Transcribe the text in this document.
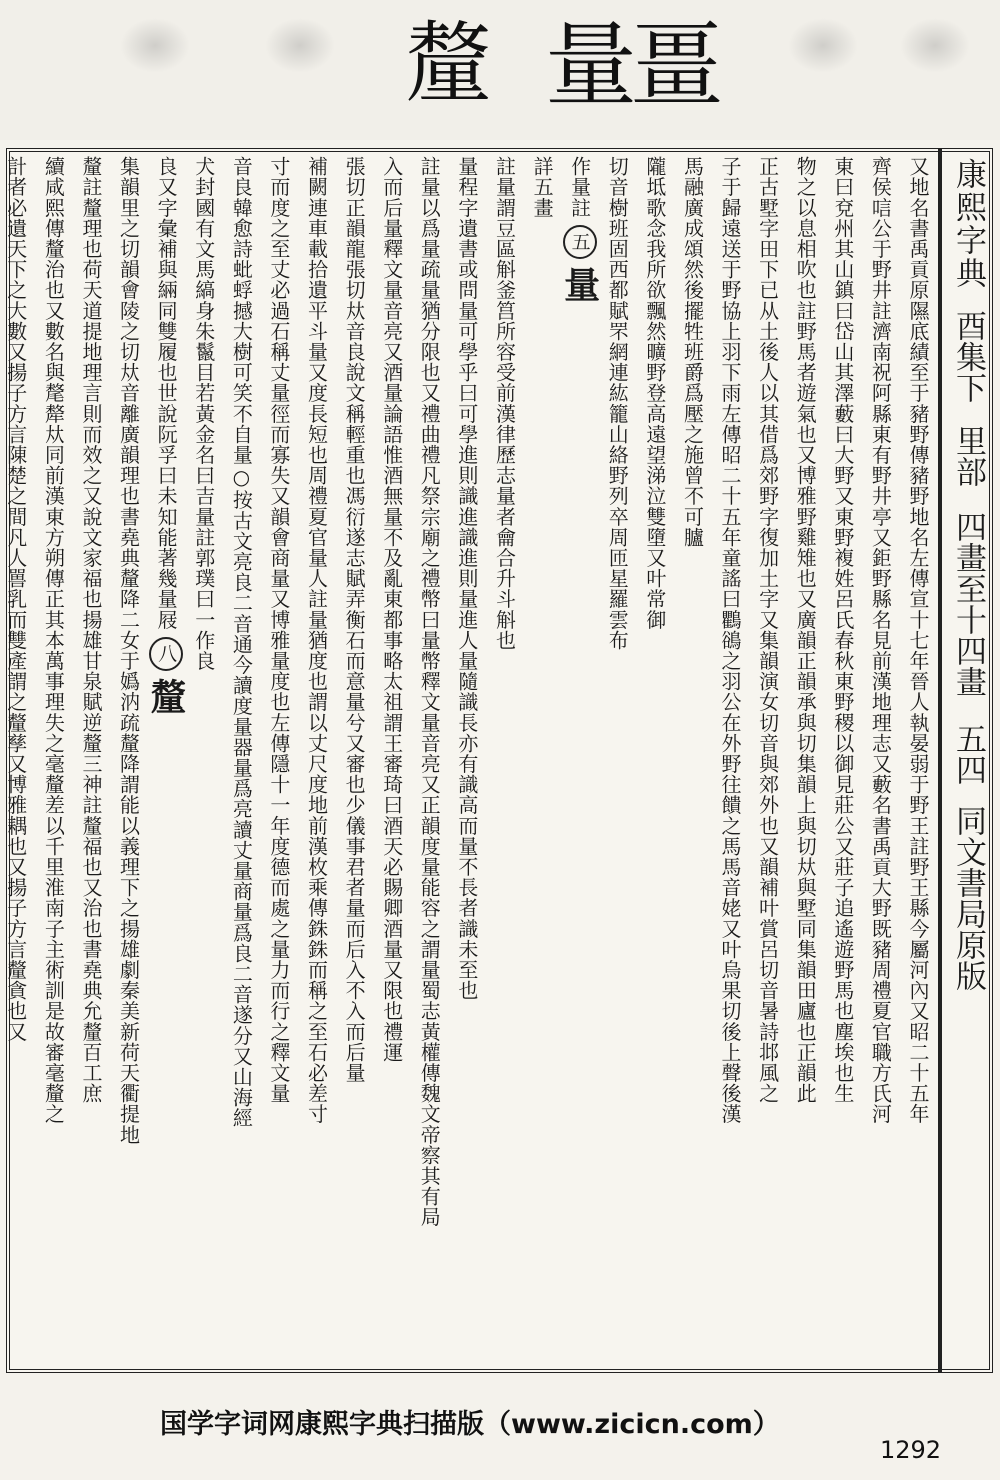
釐 量畺
康熙字典
酉集下
里部
四畫至十四畫
五四
同文書局原版
又地名書禹貢原隰底績至于豬野傳豬野地名左傳宣十七年晉人執晏弱于野王註野王縣今屬河內又昭二十五年
齊侯唁公于野井註濟南祝阿縣東有野井亭又鉅野縣名見前漢地理志又藪名書禹貢大野既豬周禮夏官職方氏河
東曰兗州其山鎮曰岱山其澤藪曰大野又東野複姓呂氏春秋東野稷以御見莊公又莊子追遙遊野馬也塵埃也生
物之以息相吹也註野馬者遊氣也又博雅野雞雉也又廣韻正韻承與切集韻上與切夶與墅同集韻田廬也正韻此
正古墅字田下已从土後人以其借爲郊野字復加土字又集韻演女切音與郊外也又韻補叶賞呂切音暑詩邶風之
子于歸遠送于野協上羽下雨左傳昭二十五年童謠曰鸜鵒之羽公在外野往饋之馬馬音姥又叶烏果切後上聲後漢
馬融廣成頌然後擺牲班爵爲壓之施曾不可臚
隴坻歌念我所欲飄然曠野登高遠望涕泣雙墮又叶常御
切音樹班固西都賦罘網連紘籠山絡野列卒周匝星羅雲布
作量註 五 量
詳五畫
註量謂豆區斛釜筥所容受前漢律歷志量者龠合升斗斛也
量程字遺書或問量可學乎曰可學進則識進識進則量進人量隨識長亦有識高而量不長者識未至也
註量以爲量疏量猶分限也又禮曲禮凡祭宗廟之禮幣曰量幣釋文量音亮又正韻度量能容之謂量蜀志黃權傳魏文帝察其有局
入而后量釋文量音亮又酒量論語惟酒無量不及亂東都事略太祖謂王審琦曰酒天必賜卿酒量又限也禮運
張切正韻龍張切夶音良說文稱輕重也馮衍遂志賦弄衡石而意量兮又審也少儀事君者量而后入不入而后量
補闕連車載拾遺平斗量又度長短也周禮夏官量人註量猶度也謂以丈尺度地前漢枚乘傳銖銖而稱之至石必差寸
寸而度之至丈必過石稱丈量徑而寡失又韻會商量又博雅量度也左傳隱十一年度德而處之量力而行之釋文量
音良韓愈詩蚍蜉撼大樹可笑不自量○按古文亮良二音通今讀度量器量爲亮讀丈量商量爲良二音遂分又山海經
犬封國有文馬縞身朱鬣目若黃金名曰吉量註郭璞曰一作良
良又字彙補與緉同雙履也世說阮孚曰未知能著幾量屐 八 釐
集韻里之切韻會陵之切夶音離廣韻理也書堯典釐降二女于嬀汭疏釐降謂能以義理下之揚雄劇秦美新荷天衢提地
釐註釐理也荷天道提地理言則而效之又說文家福也揚雄甘泉賦逆釐三神註釐福也又治也書堯典允釐百工庶
續咸熙傳釐治也又數名與氂犛夶同前漢東方朔傳正其本萬事理失之毫釐差以千里淮南子主術訓是故審毫釐之
計者必遺天下之大數又揚子方言陳楚之間凡人嘼乳而雙產謂之釐孳又博雅耦也又揚子方言釐貪也又

国学字词网康熙字典扫描版（www.zicicn.com）
1292
